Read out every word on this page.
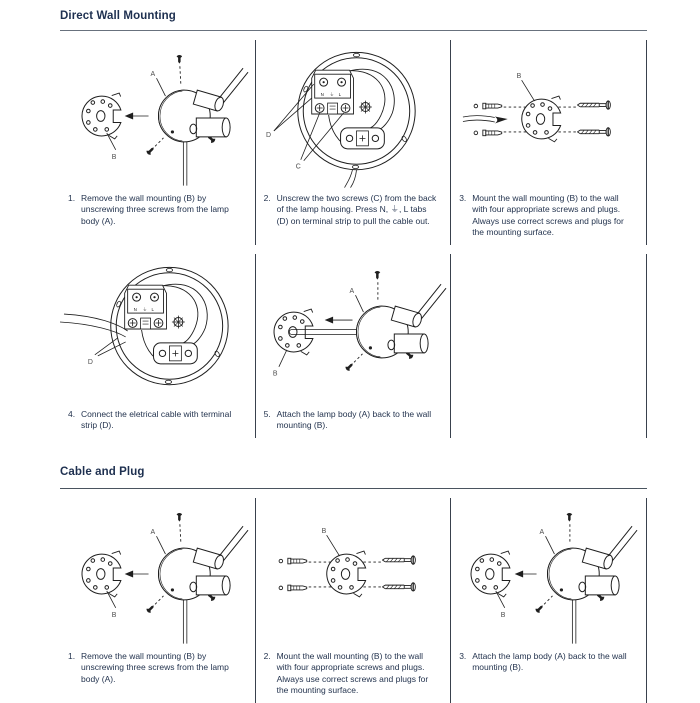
Direct Wall Mounting
A
B
1. Remove the wall mounting (B) by unscrewing three screws from the lamp body (A).
N ⏚ L
D
C
2. Unscrew the two screws (C) from the back of the lamp housing. Press N, ⏚, L tabs (D) on terminal strip to pull the cable out.
B
3. Mount the wall mounting (B) to the wall with four appropriate screws and plugs. Always use correct screws and plugs for the mounting surface.
N ⏚ L
D
4. Connect the eletrical cable with terminal strip (D).
A
B
5. Attach the lamp body (A) back to the wall mounting (B).
Cable and Plug
A
B
1. Remove the wall mounting (B) by unscrewing three screws from the lamp body (A).
B
2. Mount the wall mounting (B) to the wall with four appropriate screws and plugs. Always use correct screws and plugs for the mounting surface.
A
B
3. Attach the lamp body (A) back to the wall mounting (B).
